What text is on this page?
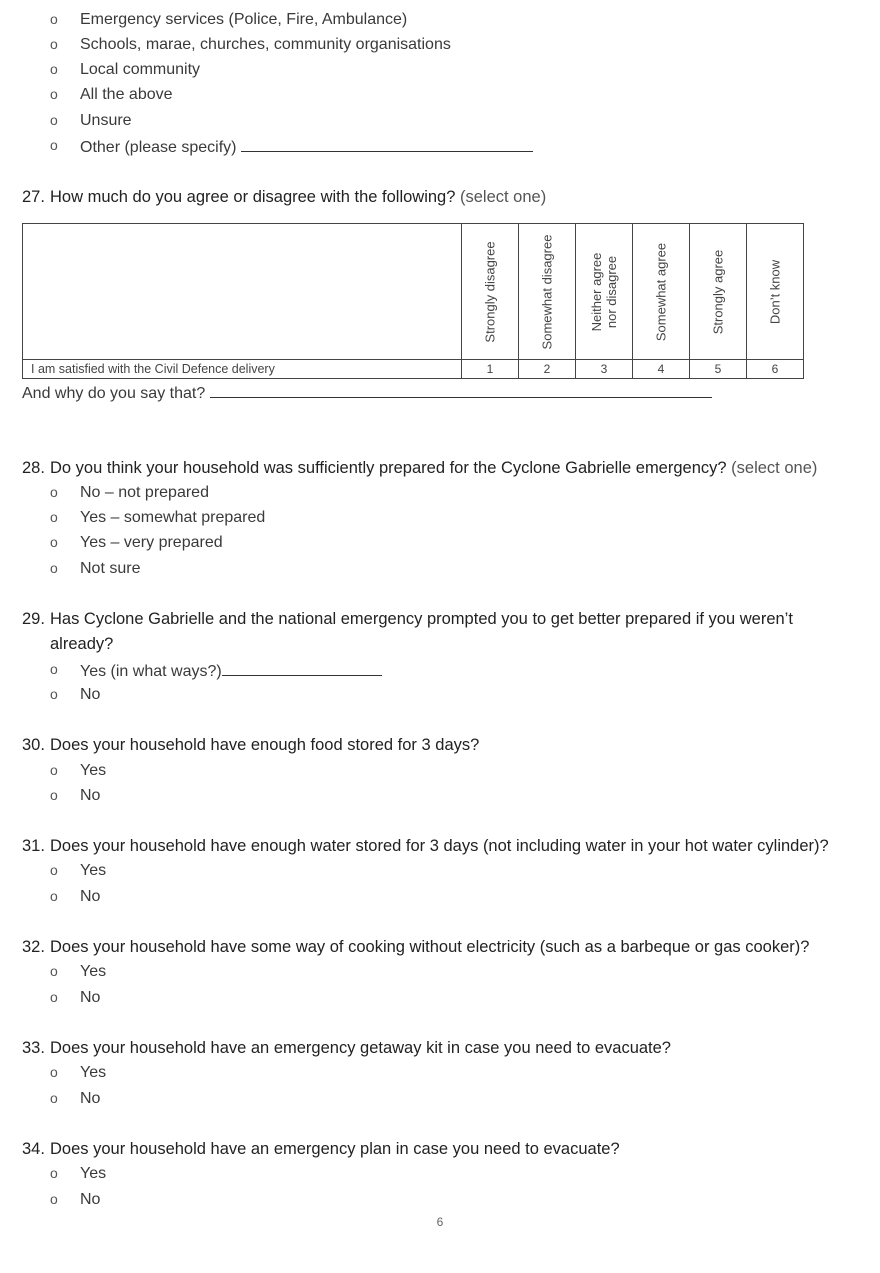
o Emergency services (Police, Fire, Ambulance)
o Schools, marae, churches, community organisations
o Local community
o All the above
o Unsure
o Other (please specify)
27. How much do you agree or disagree with the following? (select one)

	Strongly disagree	Somewhat disagree	Neither agree nor disagree	Somewhat agree	Strongly agree	Don’t know

I am satisfied with the Civil Defence delivery	1	2	3	4	5	6
And why do you say that?
28. Do you think your household was sufficiently prepared for the Cyclone Gabrielle emergency? (select one)
o No – not prepared
o Yes – somewhat prepared
o Yes – very prepared
o Not sure
29. Has Cyclone Gabrielle and the national emergency prompted you to get better prepared if you weren’t
already?
o Yes (in what ways?)
o No
30. Does your household have enough food stored for 3 days?
o Yes
o No
31. Does your household have enough water stored for 3 days (not including water in your hot water cylinder)?
o Yes
o No
32. Does your household have some way of cooking without electricity (such as a barbeque or gas cooker)?
o Yes
o No
33. Does your household have an emergency getaway kit in case you need to evacuate?
o Yes
o No
34. Does your household have an emergency plan in case you need to evacuate?
o Yes
o No
6
